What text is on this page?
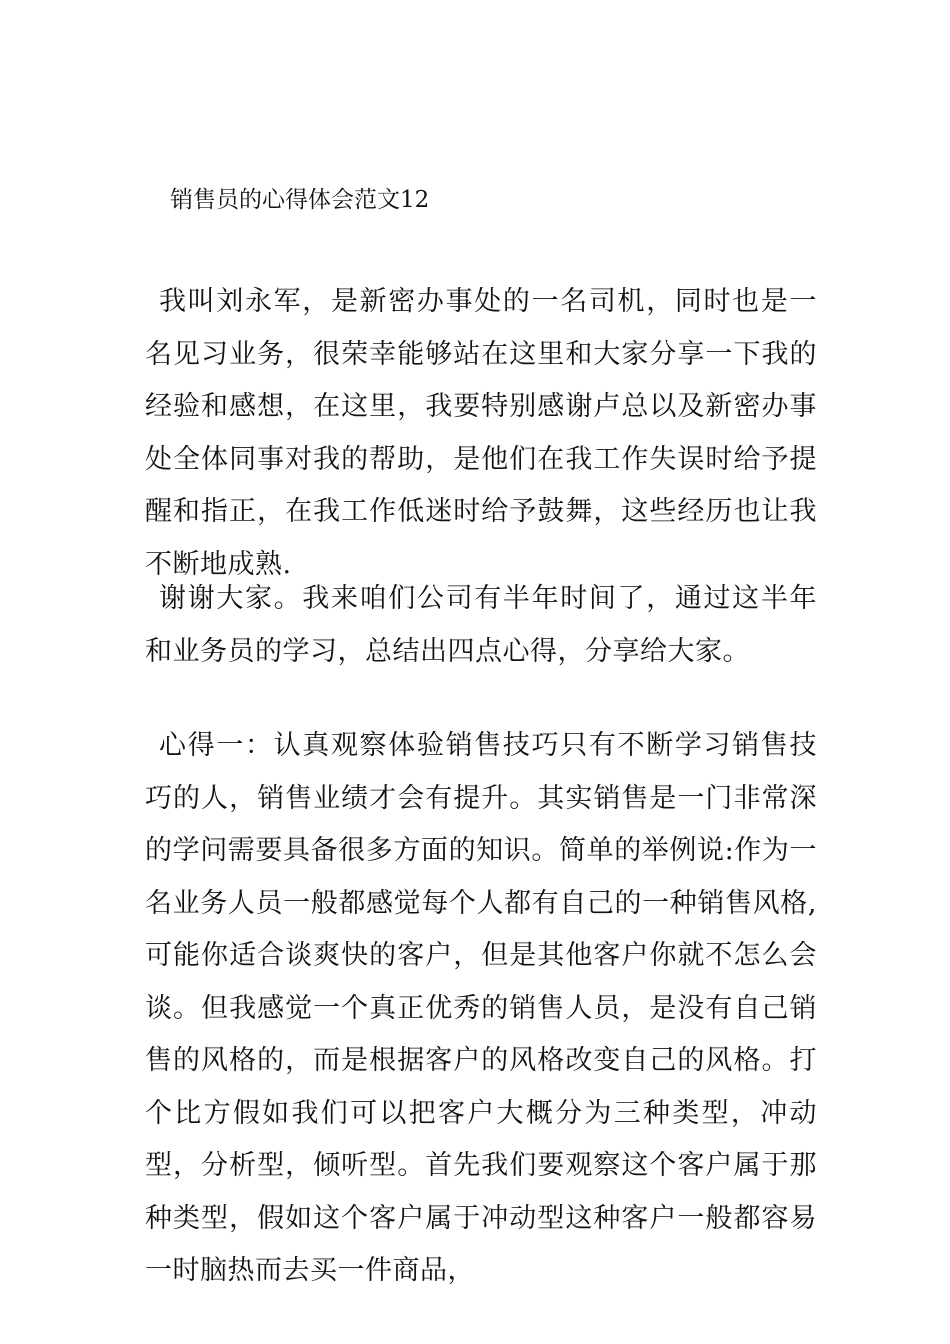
销售员的心得体会范文12

我叫刘永军，是新密办事处的一名司机，同时也是一名见习业务，很荣幸能够站在这里和大家分享一下我的经验和感想，在这里，我要特别感谢卢总以及新密办事处全体同事对我的帮助，是他们在我工作失误时给予提醒和指正，在我工作低迷时给予鼓舞，这些经历也让我不断地成熟.

谢谢大家。我来咱们公司有半年时间了，通过这半年和业务员的学习，总结出四点心得，分享给大家。

心得一：认真观察体验销售技巧只有不断学习销售技巧的人，销售业绩才会有提升。其实销售是一门非常深的学问需要具备很多方面的知识。简单的举例说:作为一名业务人员一般都感觉每个人都有自己的一种销售风格,可能你适合谈爽快的客户，但是其他客户你就不怎么会谈。但我感觉一个真正优秀的销售人员，是没有自己销售的风格的，而是根据客户的风格改变自己的风格。打个比方假如我们可以把客户大概分为三种类型，冲动型，分析型，倾听型。首先我们要观察这个客户属于那种类型，假如这个客户属于冲动型这种客户一般都容易一时脑热而去买一件商品，
